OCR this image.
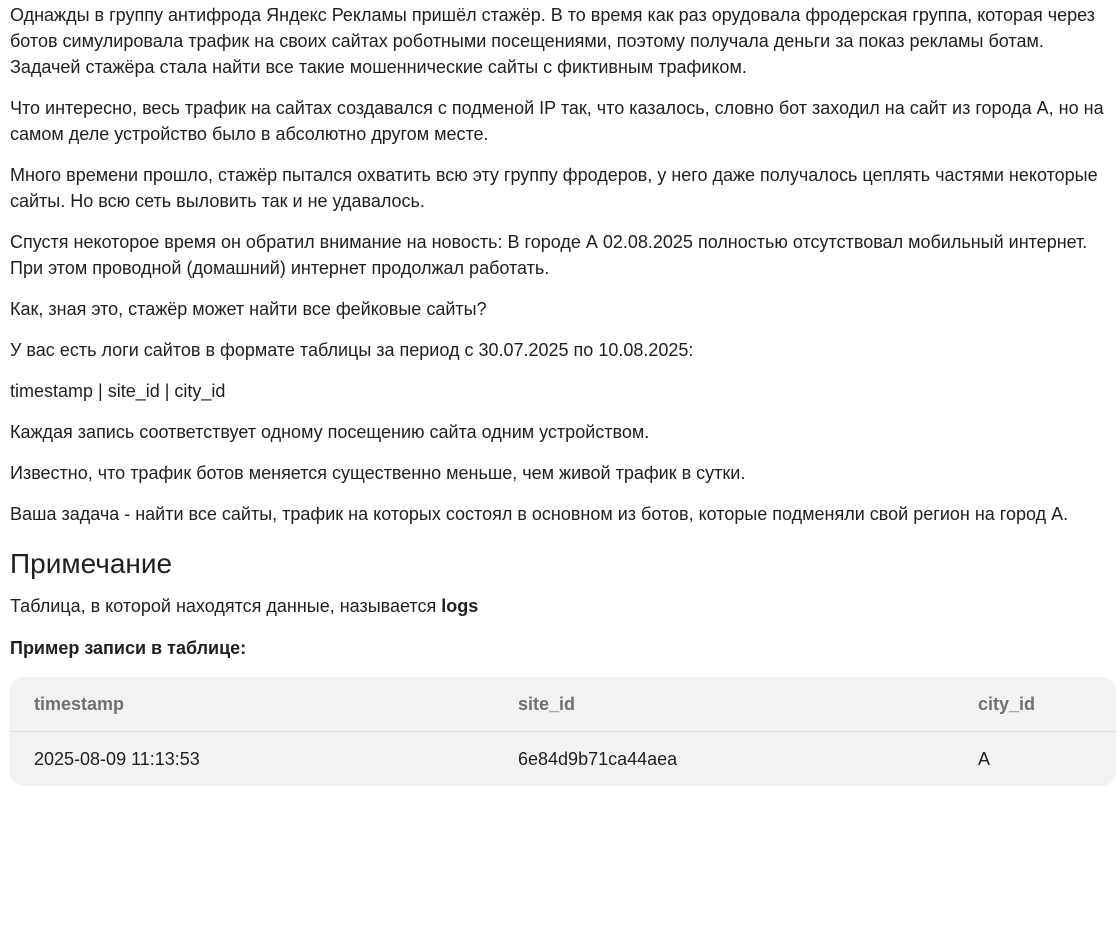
Однажды в группу антифрода Яндекс Рекламы пришёл стажёр. В то время как раз орудовала фродерская группа, которая через ботов симулировала трафик на своих сайтах роботными посещениями, поэтому получала деньги за показ рекламы ботам. Задачей стажёра стала найти все такие мошеннические сайты с фиктивным трафиком.

Что интересно, весь трафик на сайтах создавался с подменой IP так, что казалось, словно бот заходил на сайт из города А, но на самом деле устройство было в абсолютно другом месте.

Много времени прошло, стажёр пытался охватить всю эту группу фродеров, у него даже получалось цеплять частями некоторые сайты. Но всю сеть выловить так и не удавалось.

Спустя некоторое время он обратил внимание на новость: В городе А 02.08.2025 полностью отсутствовал мобильный интернет. При этом проводной (домашний) интернет продолжал работать.

Как, зная это, стажёр может найти все фейковые сайты?

У вас есть логи сайтов в формате таблицы за период с 30.07.2025 по 10.08.2025:

timestamp | site_id | city_id

Каждая запись соответствует одному посещению сайта одним устройством.

Известно, что трафик ботов меняется существенно меньше, чем живой трафик в сутки.

Ваша задача - найти все сайты, трафик на которых состоял в основном из ботов, которые подменяли свой регион на город А.

Примечание

Таблица, в которой находятся данные, называется logs

Пример записи в таблице:

timestamp	site_id	city_id
2025-08-09 11:13:53	6e84d9b71ca44aea	A
